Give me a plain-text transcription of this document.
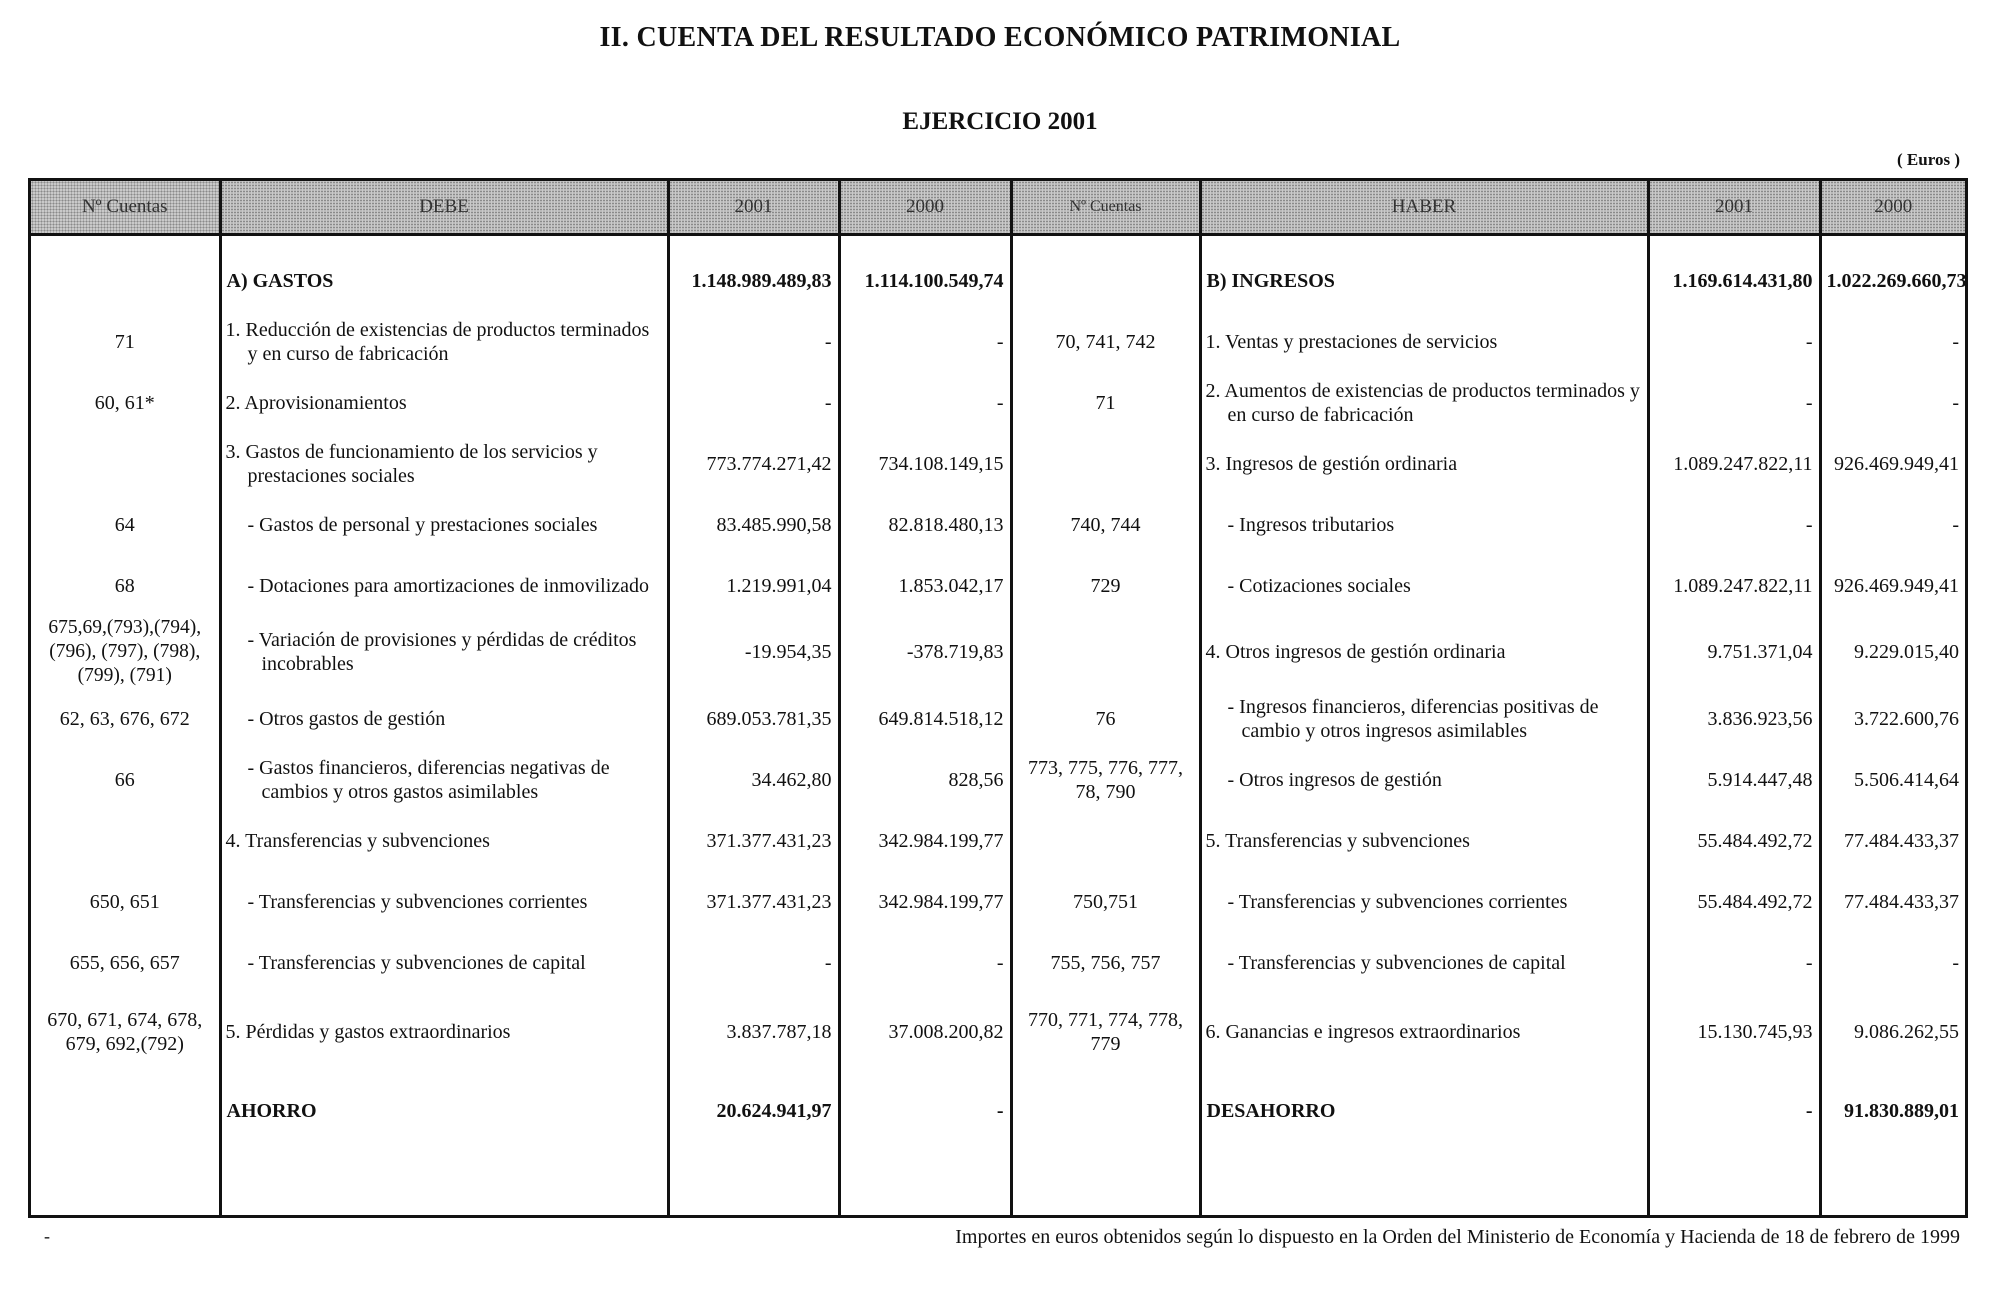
II. CUENTA DEL RESULTADO ECONÓMICO PATRIMONIAL
EJERCICIO 2001
( Euros )
Nº Cuentas	DEBE	2001	2000	Nº Cuentas	HABER	2001	2000

	A) GASTOS	1.148.989.489,83	1.114.100.549,74		B) INGRESOS	1.169.614.431,80	1.022.269.660,73
71	1. Reducción de existencias de productos terminados y en curso de fabricación	-	-	70, 741, 742	1. Ventas y prestaciones de servicios	-	-
60, 61*	2. Aprovisionamientos	-	-	71	2. Aumentos de existencias de productos terminados y en curso de fabricación	-	-
	3. Gastos de funcionamiento de los servicios y prestaciones sociales	773.774.271,42	734.108.149,15		3. Ingresos de gestión ordinaria	1.089.247.822,11	926.469.949,41
64	- Gastos de personal y prestaciones sociales	83.485.990,58	82.818.480,13	740, 744	- Ingresos tributarios	-	-
68	- Dotaciones para amortizaciones de inmovilizado	1.219.991,04	1.853.042,17	729	- Cotizaciones sociales	1.089.247.822,11	926.469.949,41
675,69,(793),(794), (796), (797), (798), (799), (791)	- Variación de provisiones y pérdidas de créditos incobrables	-19.954,35	-378.719,83		4. Otros ingresos de gestión ordinaria	9.751.371,04	9.229.015,40
62, 63, 676, 672	- Otros gastos de gestión	689.053.781,35	649.814.518,12	76	- Ingresos financieros, diferencias positivas de cambio y otros ingresos asimilables	3.836.923,56	3.722.600,76
66	- Gastos financieros, diferencias negativas de cambios y otros gastos asimilables	34.462,80	828,56	773, 775, 776, 777, 78, 790	- Otros ingresos de gestión	5.914.447,48	5.506.414,64
	4. Transferencias y subvenciones	371.377.431,23	342.984.199,77		5. Transferencias y subvenciones	55.484.492,72	77.484.433,37
650, 651	- Transferencias y subvenciones corrientes	371.377.431,23	342.984.199,77	750,751	- Transferencias y subvenciones corrientes	55.484.492,72	77.484.433,37
655, 656, 657	- Transferencias y subvenciones de capital	-	-	755, 756, 757	- Transferencias y subvenciones de capital	-	-
670, 671, 674, 678, 679, 692,(792)	5. Pérdidas y gastos extraordinarios	3.837.787,18	37.008.200,82	770, 771, 774, 778, 779	6. Ganancias e ingresos extraordinarios	15.130.745,93	9.086.262,55
	AHORRO	20.624.941,97	-		DESAHORRO	-	91.830.889,01

-	Importes en euros obtenidos según lo dispuesto en la Orden del Ministerio de Economía y Hacienda de 18 de febrero de 1999
